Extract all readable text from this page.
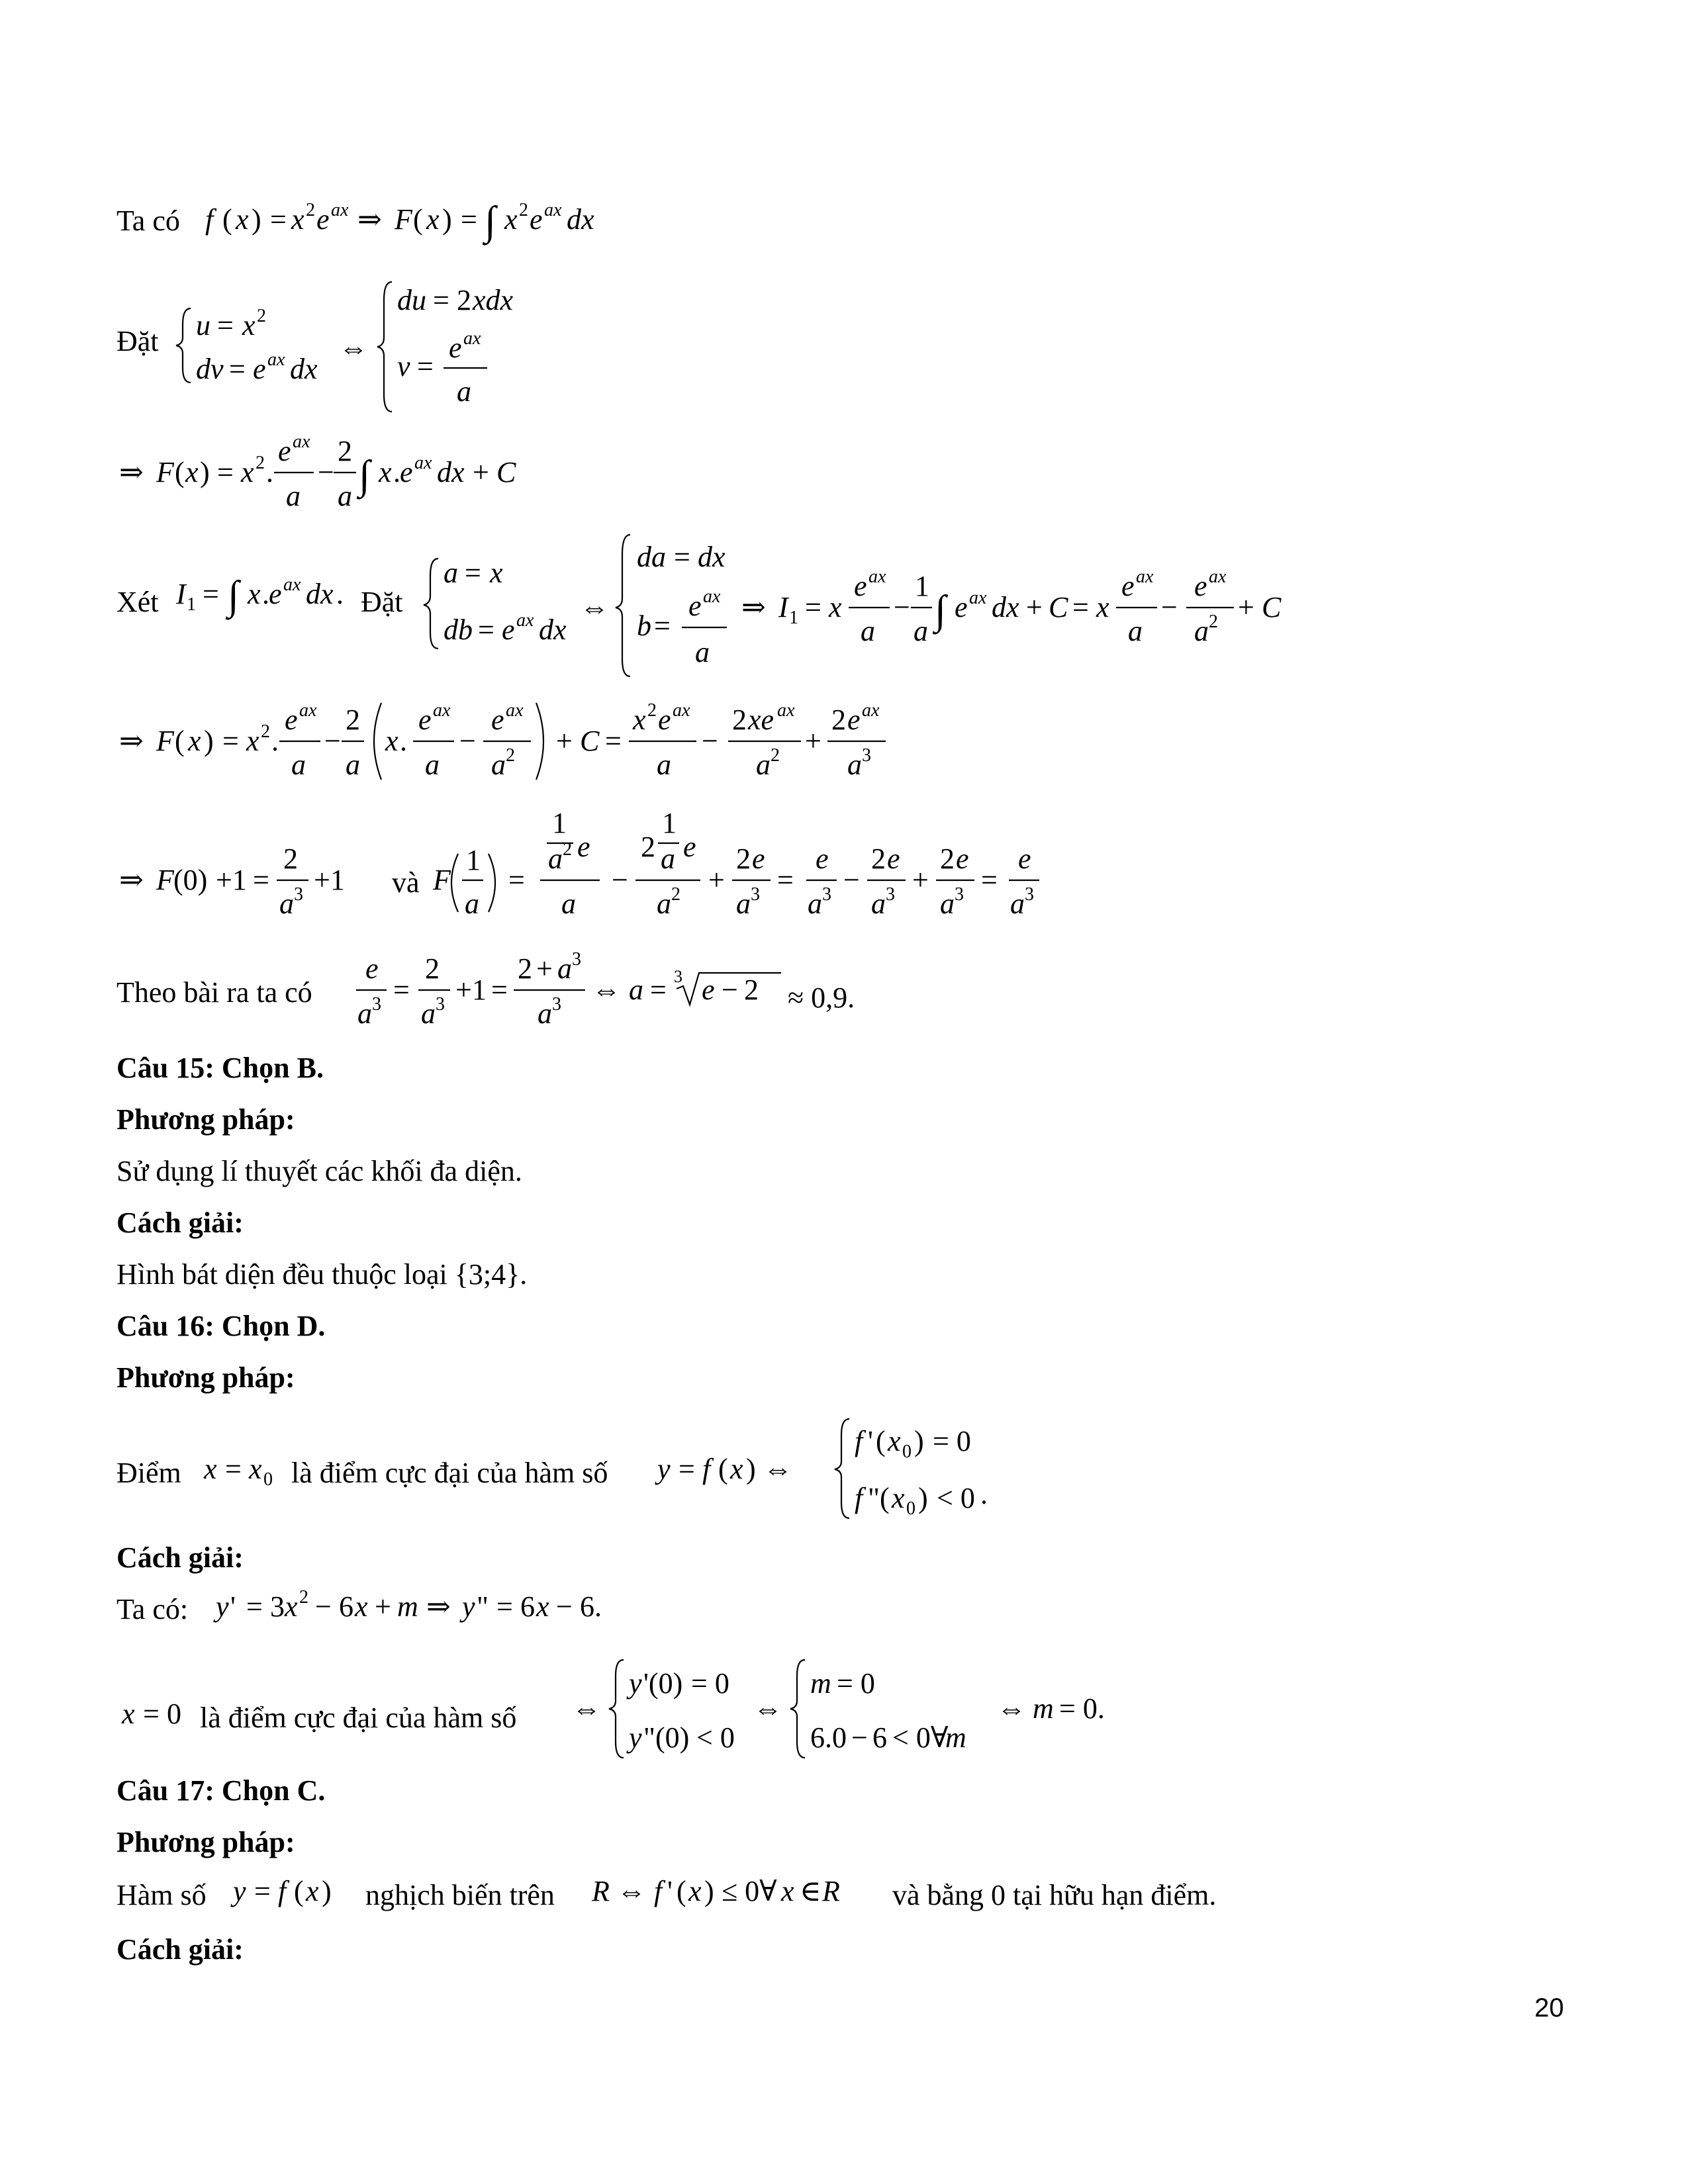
Ta có f ( x ) = x 2 e ax ⇒ F ( x ) = ∫ x 2 e ax dx
Đặt u = x 2
dv = e ax dx
⇔
du = 2 xdx
v =
e ax
a
⇒ F ( x ) = x 2 .
e ax
a
−
2
a ∫ x . e ax dx + C
Xét I 1 = ∫ x . e ax dx . Đặt
a = x
db = e ax dx
⇔
da = dx
b =
e ax
a
⇒ I 1 = x
e ax
a
−
1
a ∫ e ax dx + C = x
e ax
a
−
e ax
a 2 + C
⇒ F ( x ) = x 2 .
e ax
a
−
2
a
x .
e ax
a
−
e ax
a 2 + C =
x 2 e ax
a
−
2 xe ax
a 2 +
2 e ax
a 3
⇒ F (0) +1 =
2
a 3 +1 và F
1
a
=
1
a 2 e
a
−
2
1
a e
a 2 +
2 e
a 3 =
e
a 3 −
2 e
a 3 +
2 e
a 3 =
e
a 3
Theo bài ra ta có
e
a 3 =
2
a 3 +1 =
2 + a 3
a 3 ⇔ a = 3 e − 2 ≈ 0,9.
Câu 15: Chọn B.
Phương pháp:
Sử dụng lí thuyết các khối đa diện.
Cách giải:
Hình bát diện đều thuộc loại {3;4}.
Câu 16: Chọn D.
Phương pháp:
Điểm x = x 0 là điểm cực đại của hàm số y = f ( x ) ⇔
f ' ( x 0 ) = 0
f " ( x 0 ) < 0 .
Cách giải:
Ta có: y ' = 3 x 2 − 6 x + m ⇒ y " = 6 x − 6.
x = 0 là điểm cực đại của hàm số ⇔
y '(0) = 0
y "(0) < 0
⇔
m = 0
6.0 − 6 < 0∀
m
⇔ m = 0.
Câu 17: Chọn C.
Phương pháp:
Hàm số y = f ( x ) nghịch biến trên R ⇔ f ' ( x ) ≤ 0∀ x ∈ R và bằng 0 tại hữu hạn điểm.
Cách giải:
20
